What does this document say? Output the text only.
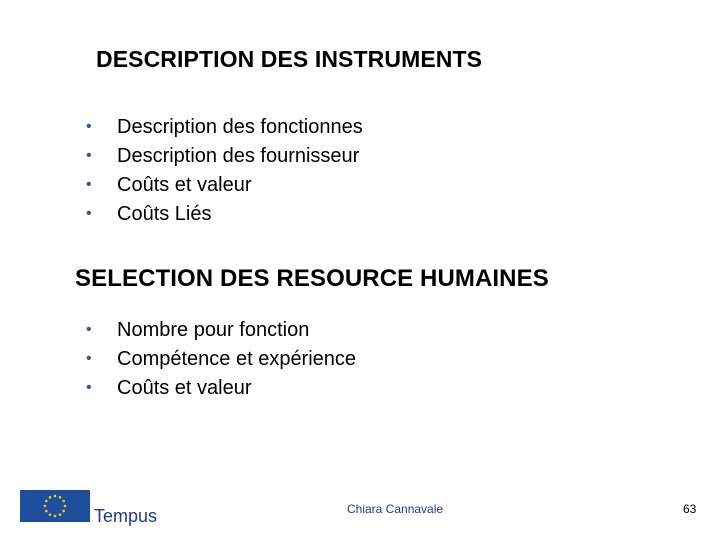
DESCRIPTION DES INSTRUMENTS
• Description des fonctionnes
• Description des fournisseur
• Coûts et valeur
• Coûts Liés
SELECTION DES RESOURCE HUMAINES
• Nombre pour fonction
• Compétence et expérience
• Coûts et valeur
Tempus	Chiara Cannavale	63
